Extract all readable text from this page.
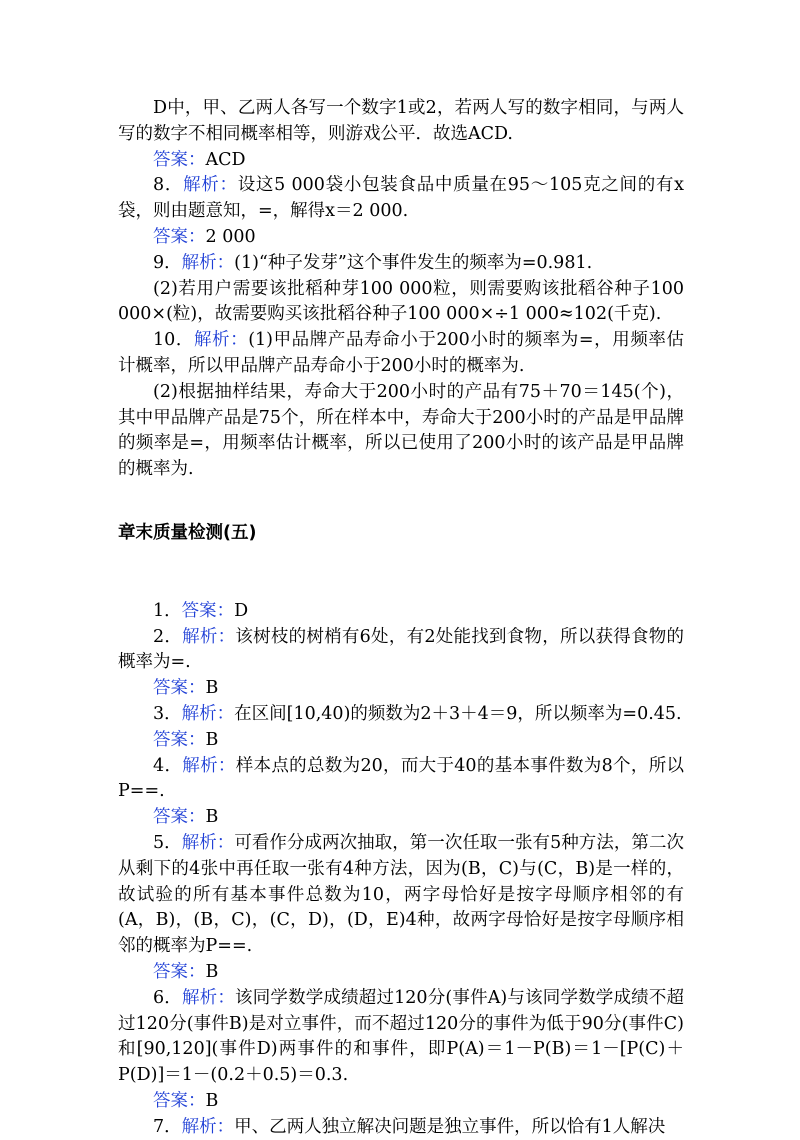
D中，甲、乙两人各写一个数字1或2，若两人写的数字相同，与两人写的数字不相同概率相等，则游戏公平．故选ACD.

答案：ACD

8．解析：设这5 000袋小包装食品中质量在95～105克之间的有x袋，则由题意知，=，解得x＝2 000.

答案：2 000

9．解析：(1)“种子发芽”这个事件发生的频率为=0.981.

(2)若用户需要该批稻种芽100 000粒，则需要购该批稻谷种子100 000×(粒)，故需要购买该批稻谷种子100 000×÷1 000≈102(千克).

10．解析：(1)甲品牌产品寿命小于200小时的频率为=，用频率估计概率，所以甲品牌产品寿命小于200小时的概率为.

(2)根据抽样结果，寿命大于200小时的产品有75＋70＝145(个)，其中甲品牌产品是75个，所在样本中，寿命大于200小时的产品是甲品牌的频率是=，用频率估计概率，所以已使用了200小时的该产品是甲品牌的概率为.

章末质量检测(五)

1．答案：D

2．解析：该树枝的树梢有6处，有2处能找到食物，所以获得食物的概率为=.

答案：B

3．解析：在区间[10,40)的频数为2＋3＋4＝9，所以频率为=0.45.

答案：B

4．解析：样本点的总数为20，而大于40的基本事件数为8个，所以P==.

答案：B

5．解析：可看作分成两次抽取，第一次任取一张有5种方法，第二次从剩下的4张中再任取一张有4种方法，因为(B，C)与(C，B)是一样的，故试验的所有基本事件总数为10，两字母恰好是按字母顺序相邻的有(A，B)，(B，C)，(C，D)，(D，E)4种，故两字母恰好是按字母顺序相邻的概率为P==.

答案：B

6．解析：该同学数学成绩超过120分(事件A)与该同学数学成绩不超过120分(事件B)是对立事件，而不超过120分的事件为低于90分(事件C)和[90,120](事件D)两事件的和事件，即P(A)＝1－P(B)＝1－[P(C)＋P(D)]＝1－(0.2＋0.5)＝0.3.

答案：B

7．解析：甲、乙两人独立解决问题是独立事件，所以恰有1人解决
